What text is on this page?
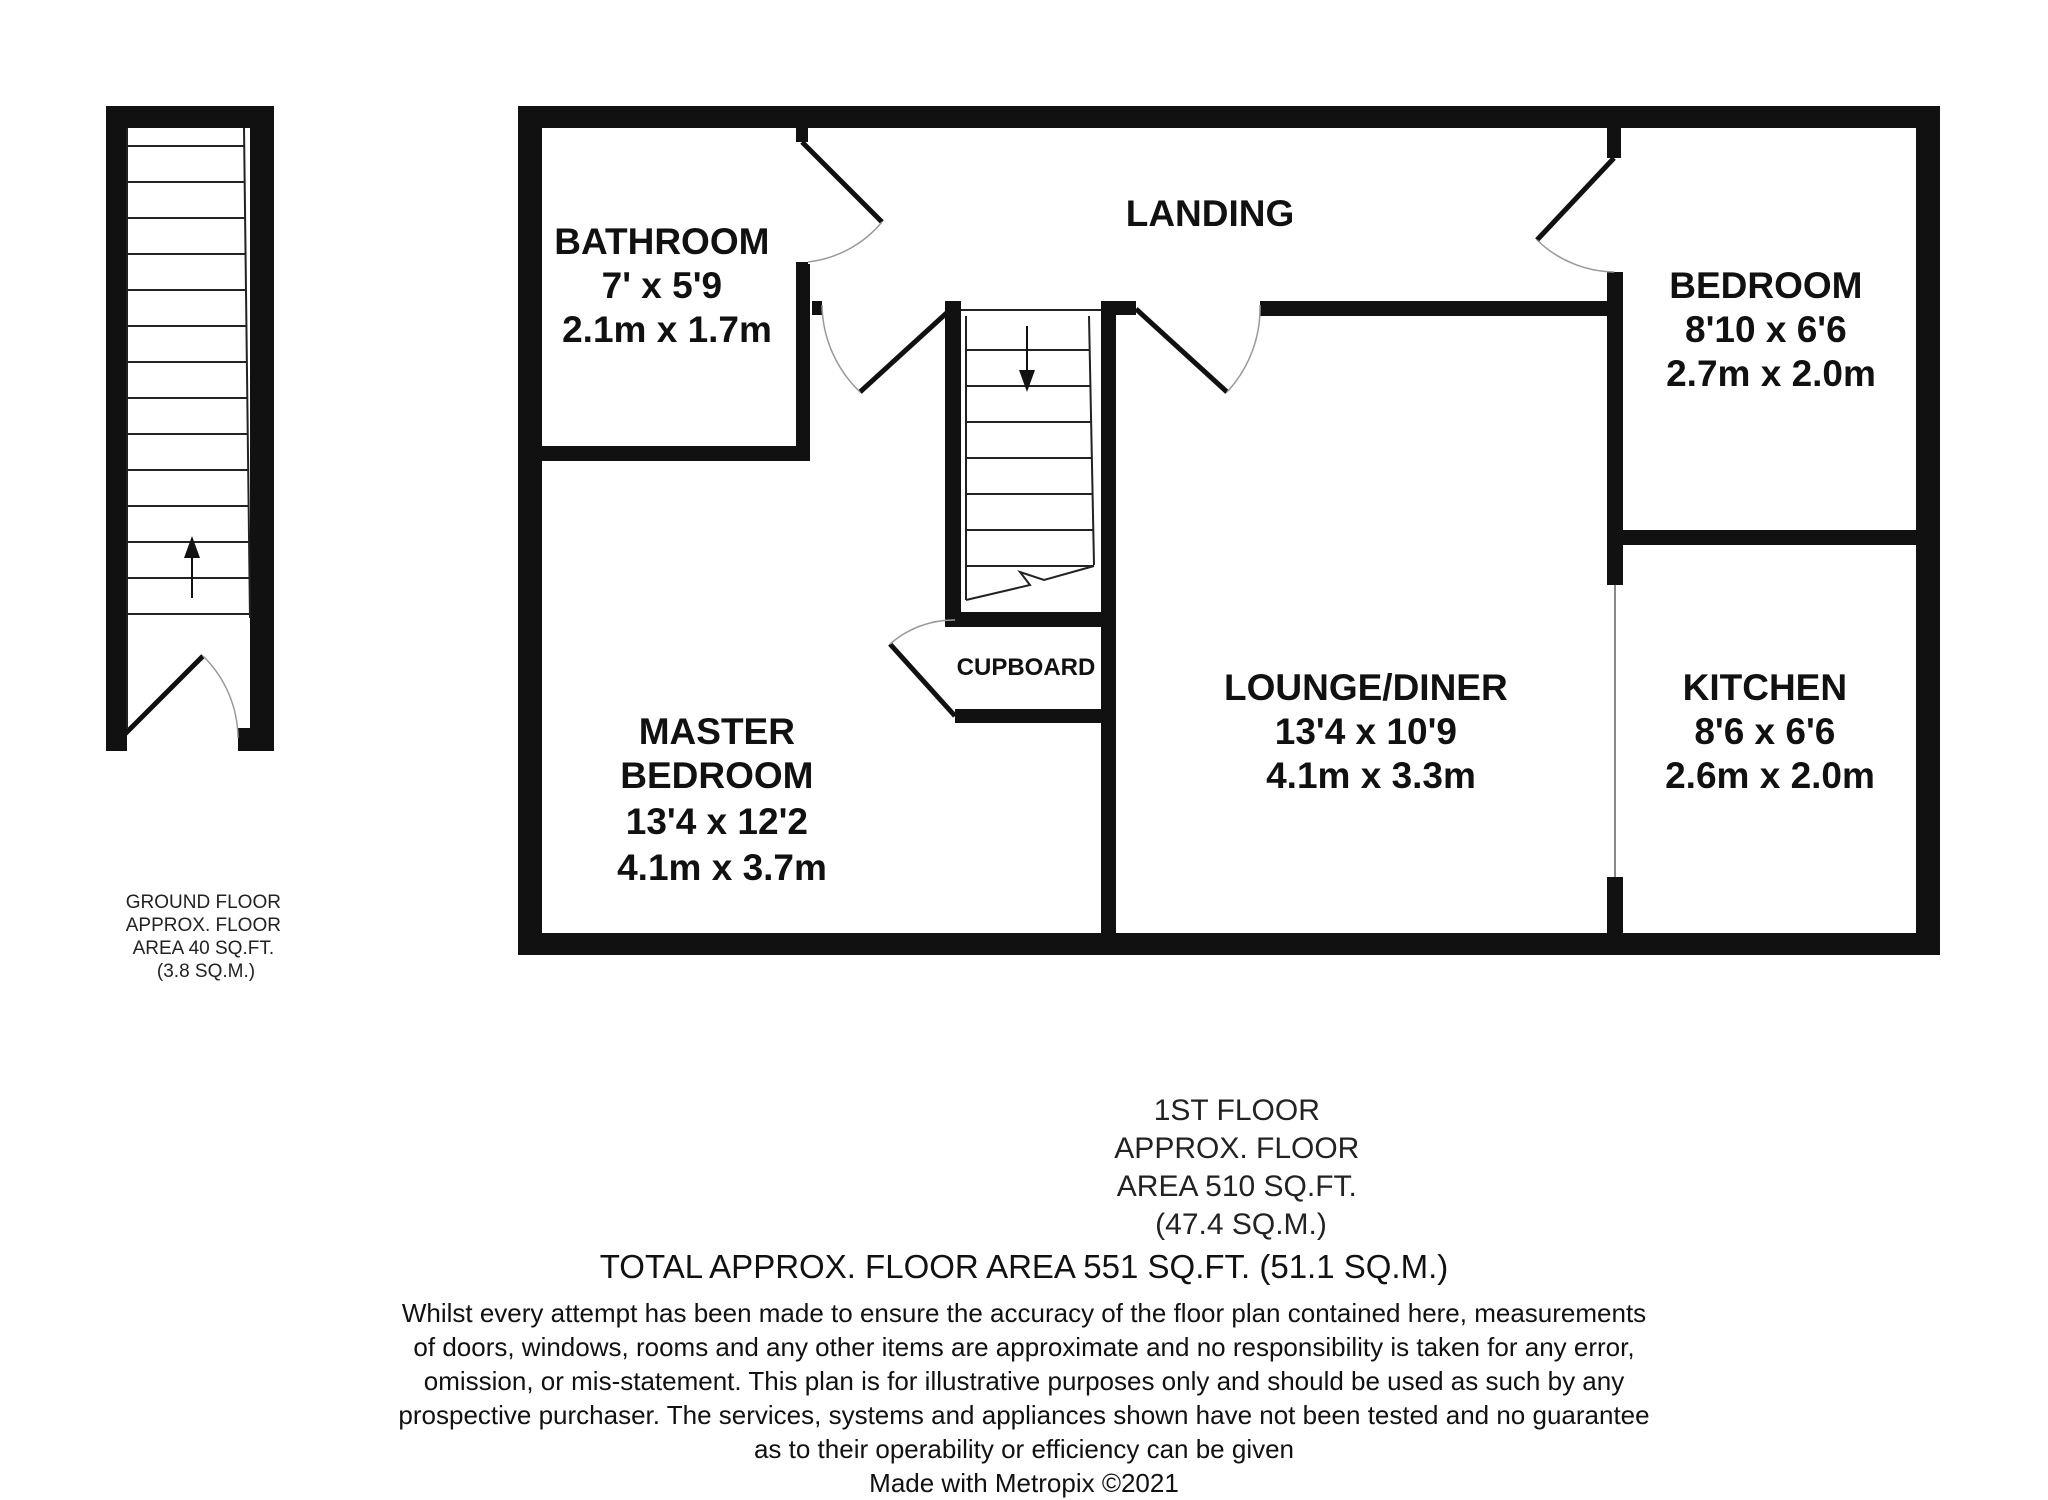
GROUND FLOOR APPROX. FLOOR AREA 40 SQ.FT. (3.8 SQ.M.)
LANDING
BATHROOM 7' x 5'9 2.1m x 1.7m
BEDROOM 8'10 x 6'6 2.7m x 2.0m
CUPBOARD
MASTER BEDROOM 13'4 x 12'2 4.1m x 3.7m
LOUNGE/DINER 13'4 x 10'9 4.1m x 3.3m
KITCHEN 8'6 x 6'6 2.6m x 2.0m
1ST FLOOR APPROX. FLOOR AREA 510 SQ.FT. (47.4 SQ.M.)
TOTAL APPROX. FLOOR AREA 551 SQ.FT. (51.1 SQ.M.)
Whilst every attempt has been made to ensure the accuracy of the floor plan contained here, measurements
of doors, windows, rooms and any other items are approximate and no responsibility is taken for any error,
omission, or mis-statement. This plan is for illustrative purposes only and should be used as such by any
prospective purchaser. The services, systems and appliances shown have not been tested and no guarantee
as to their operability or efficiency can be given
Made with Metropix ©2021
